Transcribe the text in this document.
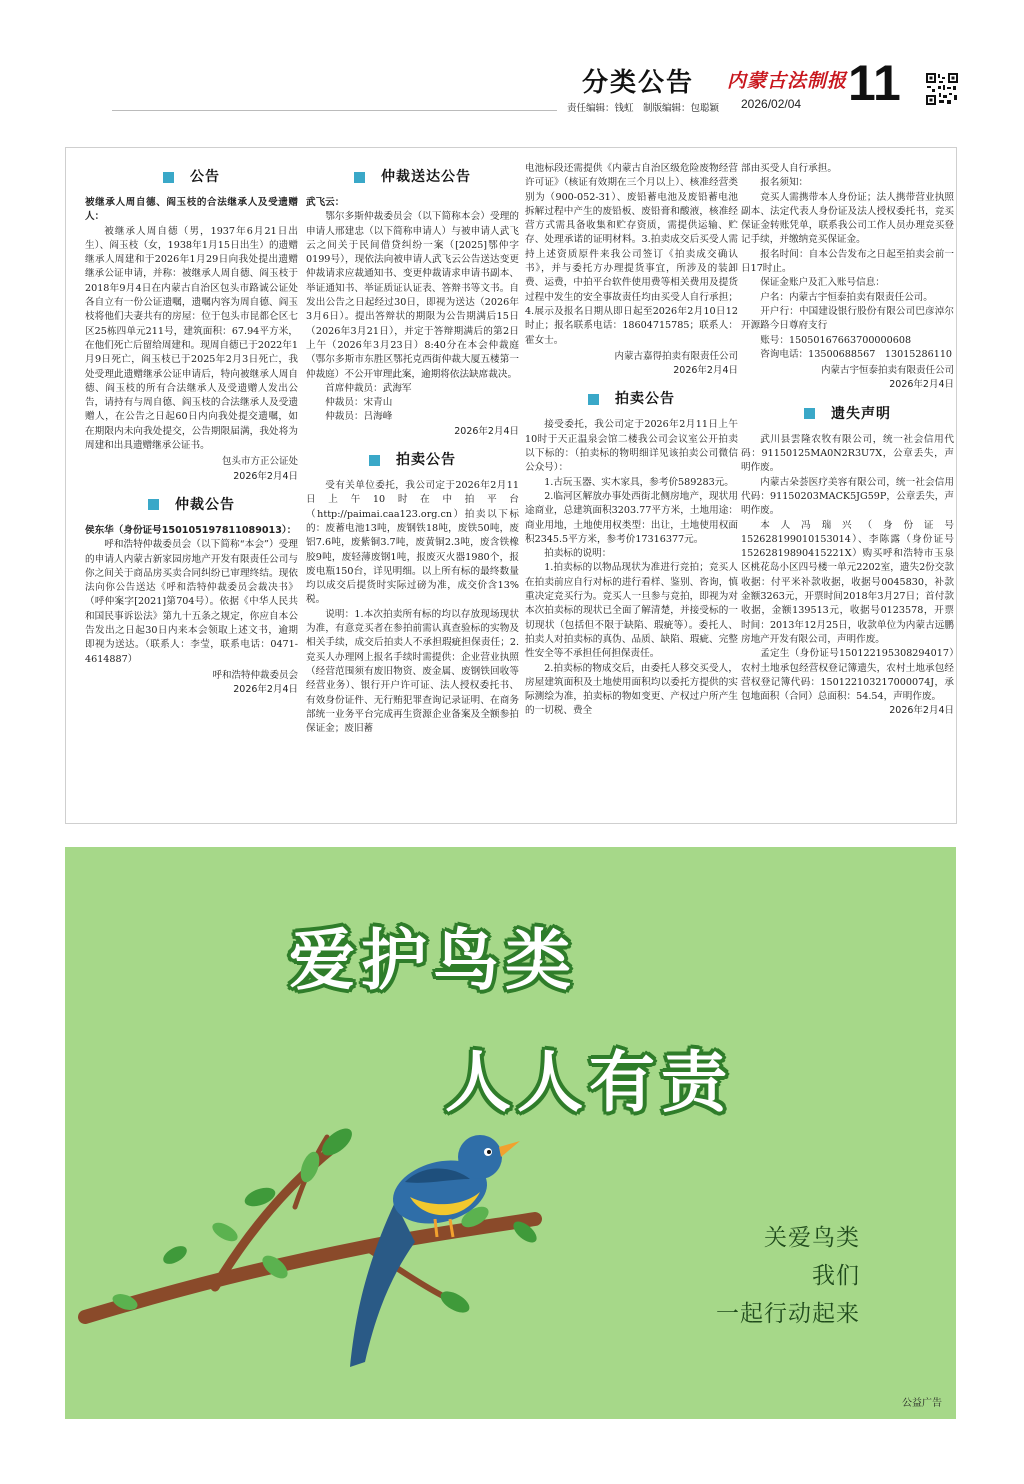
分类公告 内蒙古法制报 11
责任编辑：钱虹　制版编辑：包聪颖 2026/02/04
公告

被继承人周自德、阎玉枝的合法继承人及受遗赠人：

被继承人周自德（男，1937年6月21日出生）、阎玉枝（女，1938年1月15日出生）的遗赠继承人周建和于2026年1月29日向我处提出遗赠继承公证申请，并称：被继承人周自德、阎玉枝于2018年9月4日在内蒙古自治区包头市路诚公证处各自立有一份公证遗嘱，遗嘱内容为周自德、阎玉枝将他们夫妻共有的房屋：位于包头市昆都仑区七区25栋四单元211号，建筑面积：67.94平方米，在他们死亡后留给周建和。现周自德已于2022年1月9日死亡，阎玉枝已于2025年2月3日死亡，我处受理此遗赠继承公证申请后，特向被继承人周自德、阎玉枝的所有合法继承人及受遗赠人发出公告，请持有与周自德、阎玉枝的合法继承人及受遗赠人，在公告之日起60日内向我处提交遗嘱，如在期限内未向我处提交，公告期限届满，我处将为周建和出具遗赠继承公证书。

包头市方正公证处
2026年2月4日
仲裁公告

侯东华（身份证号150105197811089013）：

呼和浩特仲裁委员会（以下简称“本会”）受理的申请人内蒙古新家园房地产开发有限责任公司与你之间关于商品房买卖合同纠纷已审理终结。现依法向你公告送达《呼和浩特仲裁委员会裁决书》（呼仲案字[2021]第704号）。依据《中华人民共和国民事诉讼法》第九十五条之规定，你应自本公告发出之日起30日内来本会领取上述文书，逾期即视为送达。（联系人：李莹，联系电话：0471-4614887）

呼和浩特仲裁委员会
2026年2月4日
仲裁送达公告

武飞云：

鄂尔多斯仲裁委员会（以下简称本会）受理的申请人邢建忠（以下简称申请人）与被申请人武飞云之间关于民间借贷纠纷一案（[2025]鄂仲字0199号），现依法向被申请人武飞云公告送达变更仲裁请求应裁通知书、变更仲裁请求申请书副本、举证通知书、举证质证认证表、答辩书等文书。自发出公告之日起经过30日，即视为送达（2026年3月6日）。提出答辩状的期限为公告期满后15日（2026年3月21日），并定于答辩期满后的第2日上午（2026年3月23日）8:40分在本会仲裁庭（鄂尔多斯市东胜区鄂托克西街仲裁大厦五楼第一仲裁庭）不公开审理此案，逾期将依法缺席裁决。

首席仲裁员：武海军

仲裁员：宋青山

仲裁员：吕海峰

2026年2月4日
拍卖公告

受有关单位委托，我公司定于2026年2月11日上午10时在中拍平台（http://paimai.caa123.org.cn）拍卖以下标的：废蓄电池13吨，废钢铁18吨，废铁50吨，废铝7.6吨，废紫铜3.7吨，废黄铜2.3吨，废含铁橡胶9吨，废轻薄废钢1吨，报废灭火器1980个，报废电瓶150台，详见明细。以上所有标的最终数量均以成交后提货时实际过磅为准，成交价含13%税。

说明：1.本次拍卖所有标的均以存放现场现状为准，有意竞买者在参拍前需认真查验标的实物及相关手续，成交后拍卖人不承担瑕疵担保责任；2.竞买人办理网上报名手续时需提供：企业营业执照（经营范围须有废旧物资、废金属、废钢铁回收等经营业务）、银行开户许可证、法人授权委托书、有效身份证件、无行贿犯罪查询记录证明、在商务部统一业务平台完成再生资源企业备案及全额参拍保证金；废旧蓄

电池标段还需提供《内蒙古自治区级危险废物经营许可证》（核证有效期在三个月以上）、核准经营类别为（900-052-31）、废铅蓄电池及废铅蓄电池拆解过程中产生的废铅板、废铅膏和酸液，核准经营方式需具备收集和贮存资质，需提供运输、贮存、处理承诺的证明材料。3.拍卖成交后买受人需持上述资质原件来我公司签订《拍卖成交确认书》，并与委托方办理提货事宜，所涉及的装卸费、运费，中拍平台软件使用费等相关费用及提货过程中发生的安全事故责任均由买受人自行承担；4.展示及报名日期从即日起至2026年2月10日12时止；报名联系电话：18604715785；联系人：霍女士。

内蒙古嘉得拍卖有限责任公司
2026年2月4日
拍卖公告

接受委托，我公司定于2026年2月11日上午10时于天正温泉会馆二楼我公司会议室公开拍卖以下标的：（拍卖标的物明细详见该拍卖公司微信公众号）：

1.古玩玉器、实木家具，参考价589283元。

2.临河区解放办事处西街北侧房地产，现状用途商业，总建筑面积3203.77平方米，土地用途：商业用地，土地使用权类型：出让，土地使用权面积2345.5平方米，参考价17316377元。

拍卖标的说明：

1.拍卖标的以物品现状为准进行竞拍；竞买人在拍卖前应自行对标的进行看样、鉴别、咨询，慎重决定竞买行为。竞买人一旦参与竞拍，即视为对本次拍卖标的现状已全面了解清楚，并接受标的一切现状（包括但不限于缺陷、瑕疵等）。委托人、拍卖人对拍卖标的真伪、品质、缺陷、瑕疵、完整性安全等不承担任何担保责任。

2.拍卖标的物成交后，由委托人移交买受人，房屋建筑面积及土地使用面积均以委托方提供的实际测绘为准，拍卖标的物如变更、产权过户所产生的一切税、费全

部由买受人自行承担。

报名须知：

竞买人需携带本人身份证；法人携带营业执照副本、法定代表人身份证及法人授权委托书，竞买保证金转账凭单，联系我公司工作人员办理竞买登记手续，并缴纳竞买保证金。

报名时间：自本公告发布之日起至拍卖会前一日17时止。

保证金账户及汇入账号信息：

户名：内蒙古宇恒泰拍卖有限责任公司。

开户行：中国建设银行股份有限公司巴彦淖尔开源路今日尊府支行

账号：15050167663700000608

咨询电话：13500688567　13015286110

内蒙古宇恒泰拍卖有限责任公司
2026年2月4日
遗失声明

武川县雲隆农牧有限公司，统一社会信用代码：91150125MA0N2R3U7X，公章丢失，声明作废。

内蒙古朵荟医疗美容有限公司，统一社会信用代码：91150203MACK5JG59P，公章丢失，声明作废。

本人冯瑞兴（身份证号152628199010153014）、李陈露（身份证号15262819890415221X）购买呼和浩特市玉泉区桃花岛小区四号楼一单元2202室，遗失2份交款收据：付平米补款收据，收据号0045830，补款金额3263元，开票时间2018年3月27日；首付款收据，金额139513元，收据号0123578，开票时间：2013年12月25日，收款单位为内蒙古远鹏房地产开发有限公司，声明作废。

孟定生（身份证号150122195308294017）农村土地承包经营权登记簿遗失，农村土地承包经营权登记簿代码：150122103217000074J，承包地面积（合同）总面积：54.54，声明作废。

2026年2月4日
爱护鸟类
人人有责
关爱鸟类
我们
一起行动起来
公益广告
